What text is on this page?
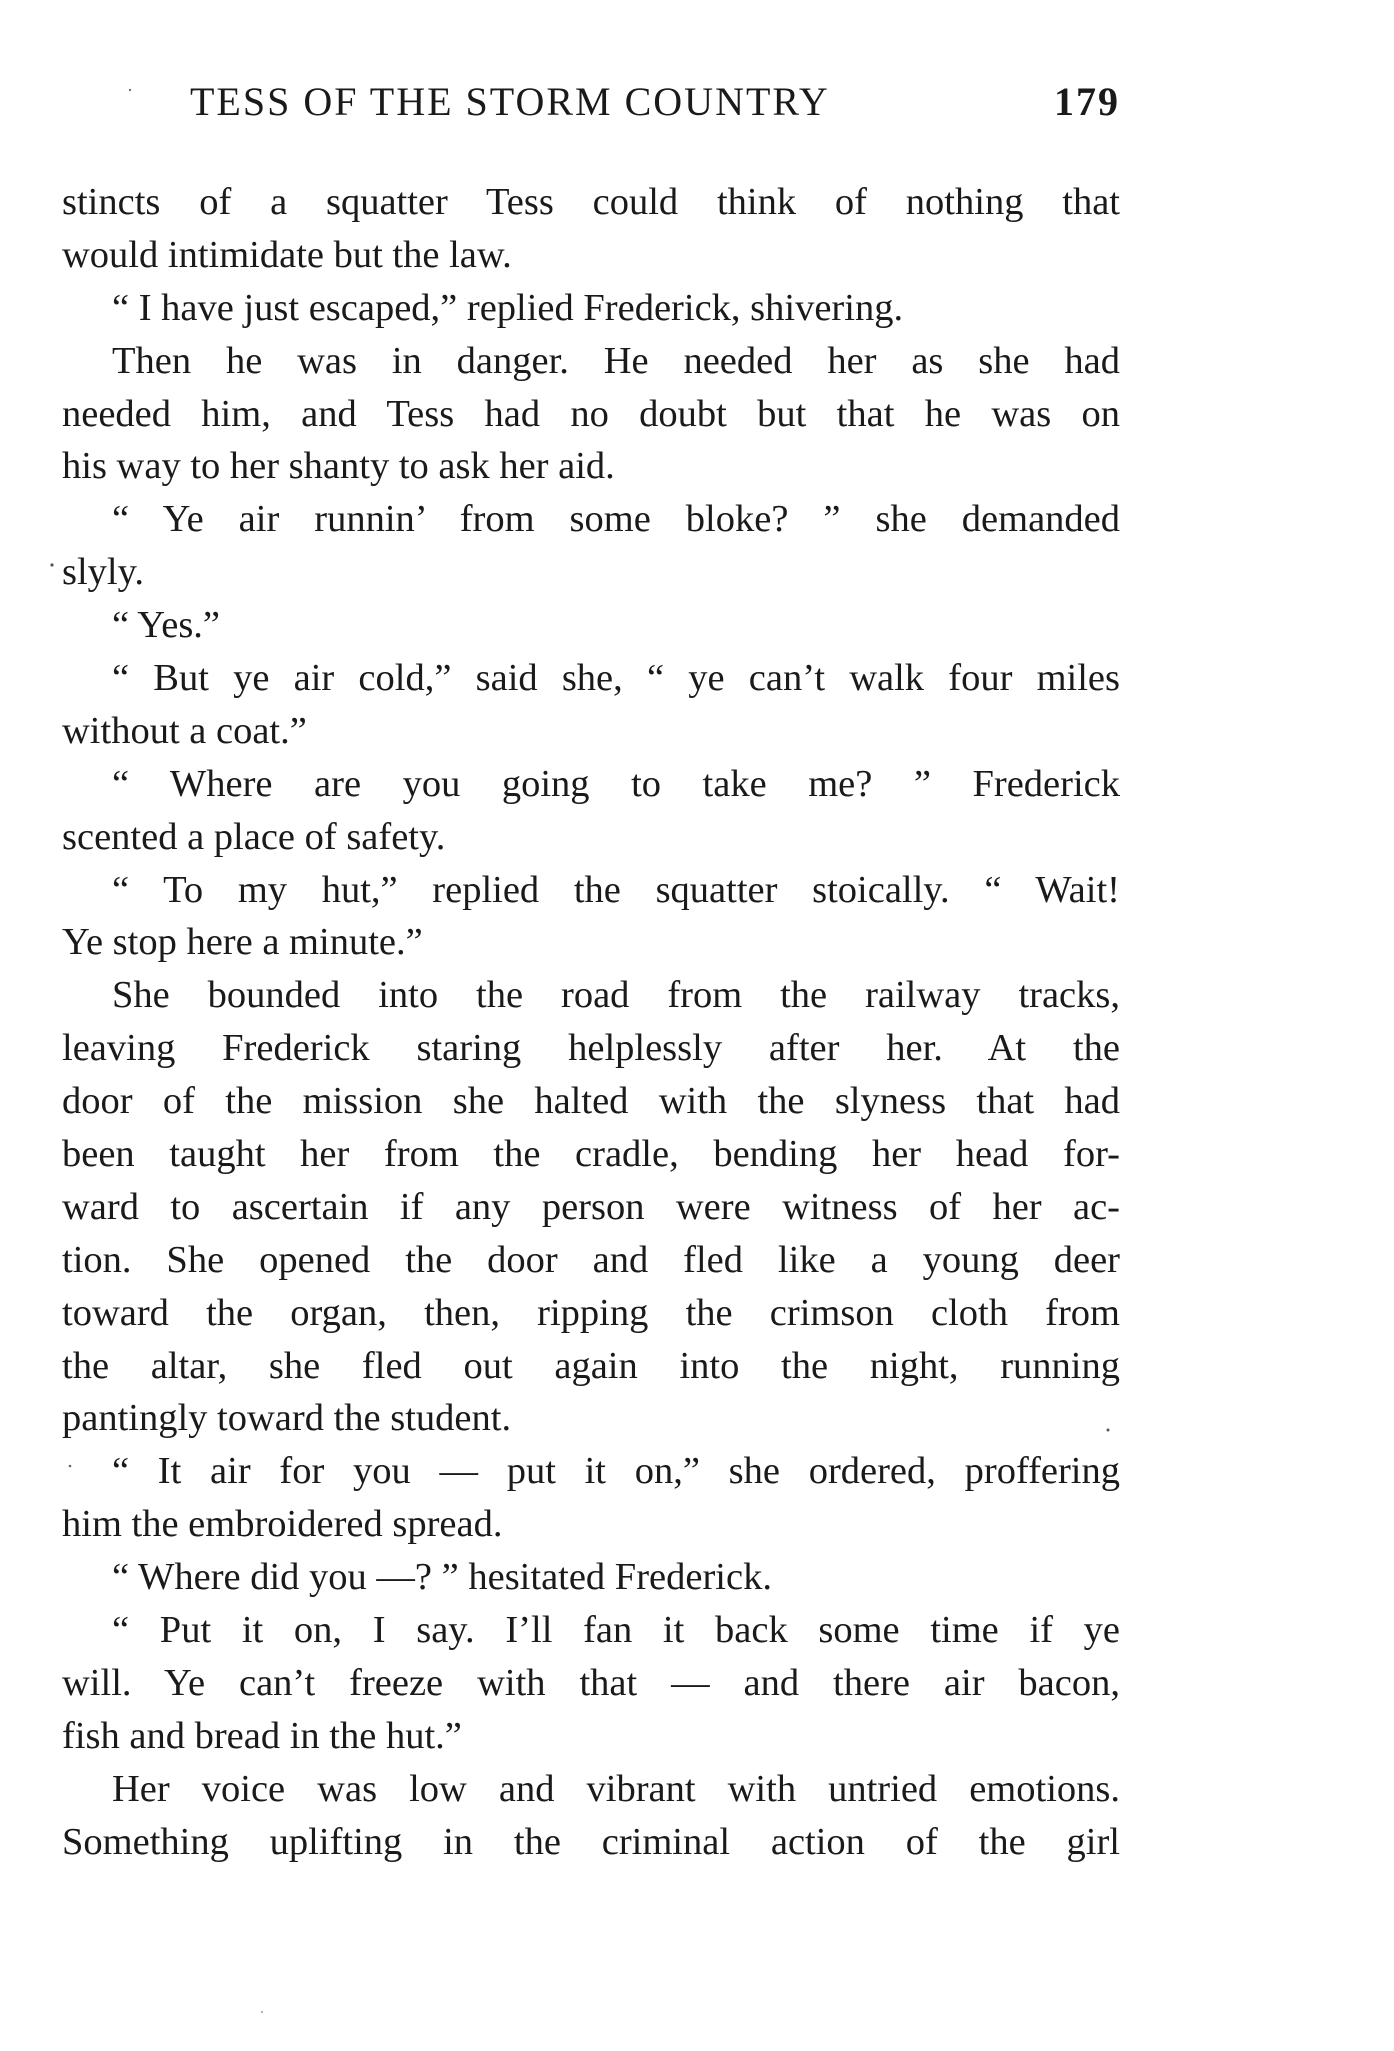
TESS OF THE STORM COUNTRY	179
stincts of a squatter Tess could think of nothing that
would intimidate but the law.
“ I have just escaped,” replied Frederick, shivering.
Then he was in danger. He needed her as she had
needed him, and Tess had no doubt but that he was on
his way to her shanty to ask her aid.
“ Ye air runnin’ from some bloke? ” she demanded
slyly.
“ Yes.”
“ But ye air cold,” said she, “ ye can’t walk four miles
without a coat.”
“ Where are you going to take me? ” Frederick
scented a place of safety.
“ To my hut,” replied the squatter stoically. “ Wait!
Ye stop here a minute.”
She bounded into the road from the railway tracks,
leaving Frederick staring helplessly after her. At the
door of the mission she halted with the slyness that had
been taught her from the cradle, bending her head for-
ward to ascertain if any person were witness of her ac-
tion. She opened the door and fled like a young deer
toward the organ, then, ripping the crimson cloth from
the altar, she fled out again into the night, running
pantingly toward the student.
“ It air for you — put it on,” she ordered, proffering
him the embroidered spread.
“ Where did you —? ” hesitated Frederick.
“ Put it on, I say. I’ll fan it back some time if ye
will. Ye can’t freeze with that — and there air bacon,
fish and bread in the hut.”
Her voice was low and vibrant with untried emotions.
Something uplifting in the criminal action of the girl
